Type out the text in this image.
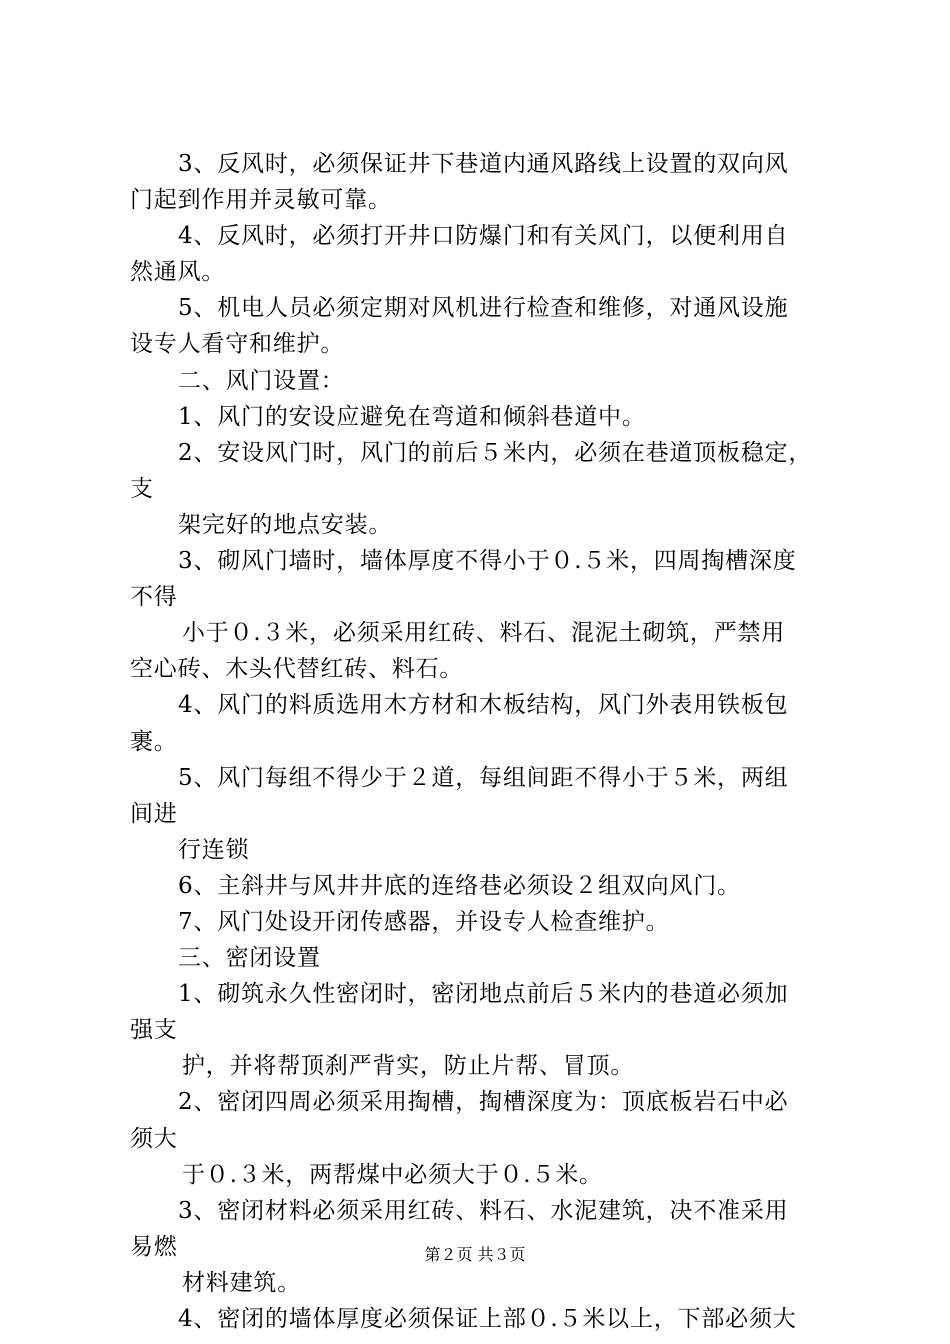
3、反风时，必须保证井下巷道内通风路线上设置的双向风
门起到作用并灵敏可靠。
4、反风时，必须打开井口防爆门和有关风门，以便利用自
然通风。
5、机电人员必须定期对风机进行检查和维修，对通风设施
设专人看守和维护。
二、风门设置：
1、风门的安设应避免在弯道和倾斜巷道中。
2、安设风门时，风门的前后５米内，必须在巷道顶板稳定，
支
架完好的地点安装。
3、砌风门墙时，墙体厚度不得小于０.５米，四周掏槽深度
不得
小于０.３米，必须采用红砖、料石、混泥土砌筑，严禁用
空心砖、木头代替红砖、料石。
4、风门的料质选用木方材和木板结构，风门外表用铁板包
裹。
5、风门每组不得少于２道，每组间距不得小于５米，两组
间进
行连锁
6、主斜井与风井井底的连络巷必须设２组双向风门。
7、风门处设开闭传感器，并设专人检查维护。
三、密闭设置
1、砌筑永久性密闭时，密闭地点前后５米内的巷道必须加
强支
护，并将帮顶刹严背实，防止片帮、冒顶。
2、密闭四周必须采用掏槽，掏槽深度为：顶底板岩石中必
须大
于０.３米，两帮煤中必须大于０.５米。
3、密闭材料必须采用红砖、料石、水泥建筑，决不准采用
易燃
材料建筑。
4、密闭的墙体厚度必须保证上部０.５米以上，下部必须大
第２页 共３页
